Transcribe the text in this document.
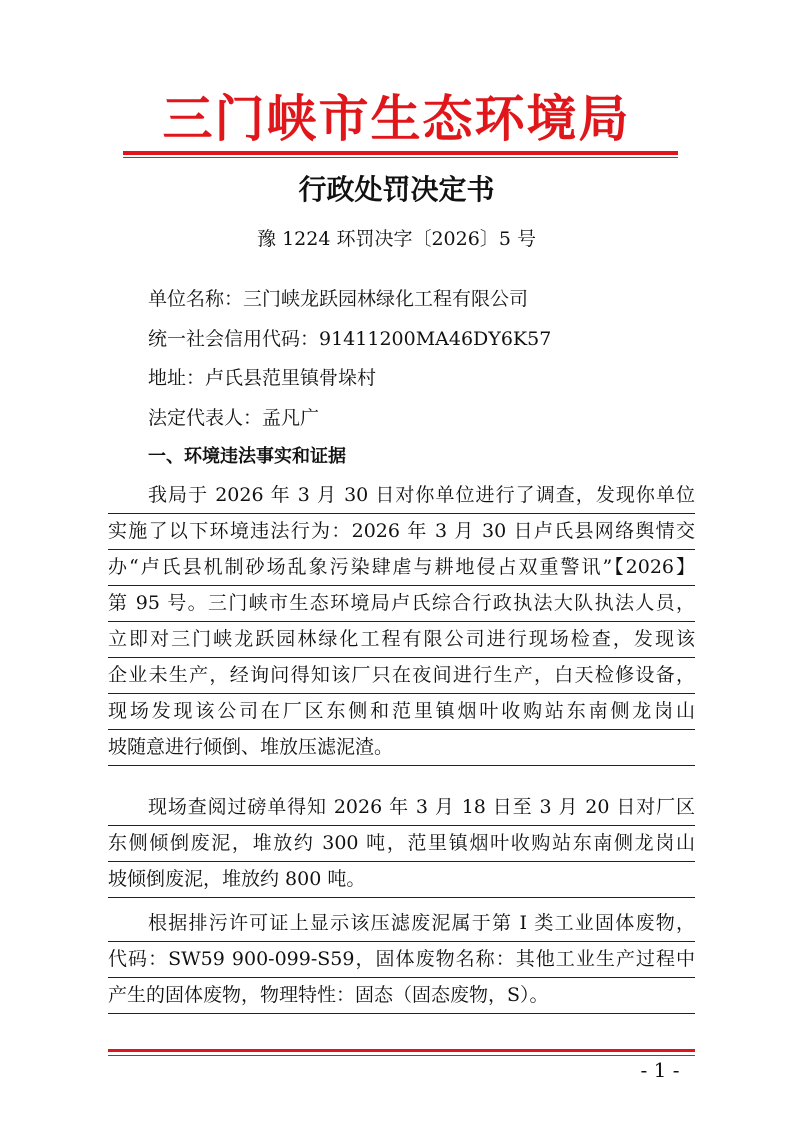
三门峡市生态环境局
行政处罚决定书
豫 1224 环罚决字〔2026〕5 号
单位名称：三门峡龙跃园林绿化工程有限公司
统一社会信用代码：91411200MA46DY6K57
地址：卢氏县范里镇骨垛村
法定代表人：孟凡广
一、环境违法事实和证据
我局于 2026 年 3 月 30 日对你单位进行了调查，发现你单位
实施了以下环境违法行为：2026 年 3 月 30 日卢氏县网络舆情交
办“卢氏县机制砂场乱象污染肆虐与耕地侵占双重警讯”【2026】
第 95 号。三门峡市生态环境局卢氏综合行政执法大队执法人员，
立即对三门峡龙跃园林绿化工程有限公司进行现场检查，发现该
企业未生产，经询问得知该厂只在夜间进行生产，白天检修设备，
现场发现该公司在厂区东侧和范里镇烟叶收购站东南侧龙岗山
坡随意进行倾倒、堆放压滤泥渣。
现场查阅过磅单得知 2026 年 3 月 18 日至 3 月 20 日对厂区
东侧倾倒废泥，堆放约 300 吨，范里镇烟叶收购站东南侧龙岗山
坡倾倒废泥，堆放约 800 吨。
根据排污许可证上显示该压滤废泥属于第 I 类工业固体废物，
代码：SW59 900-099-S59，固体废物名称：其他工业生产过程中
产生的固体废物，物理特性：固态（固态废物，S）。
- 1 -
